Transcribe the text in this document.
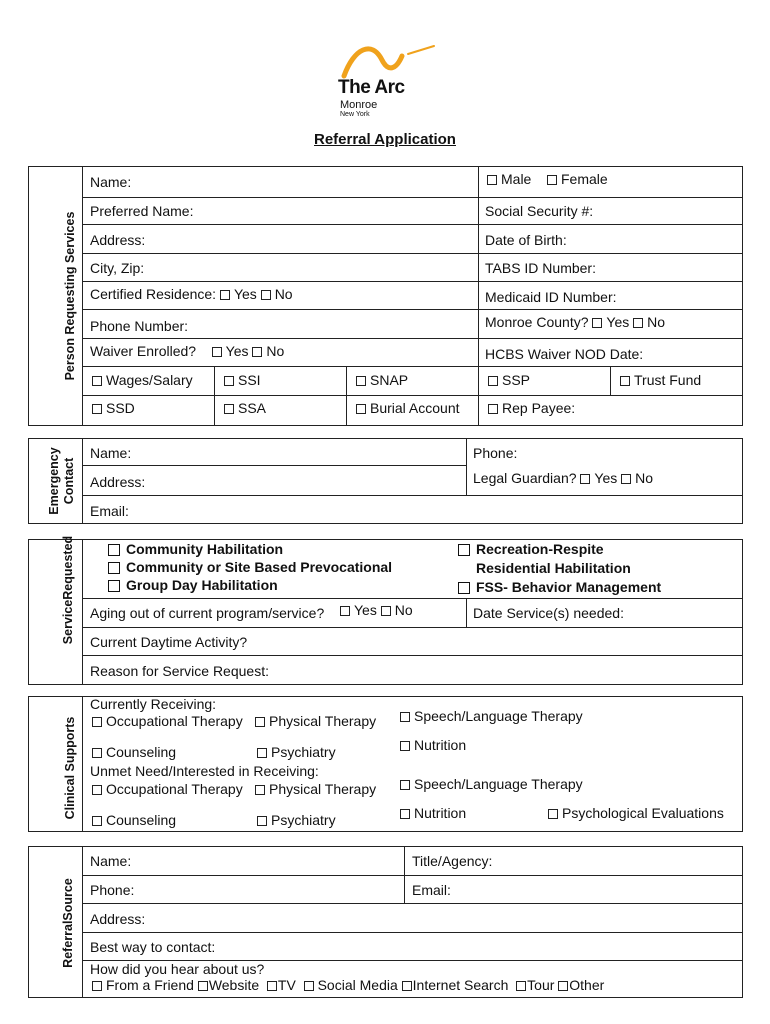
The Arc
Monroe
New York
Referral Application
Person Requesting Services
Name:	Male	Female
Preferred Name:	Social Security #:
Address:	Date of Birth:
City, Zip:	TABS ID Number:
Certified Residence: Yes No	Medicaid ID Number:
Phone Number:	Monroe County? Yes No
Waiver Enrolled? Yes No	HCBS Waiver NOD Date:
Wages/Salary	SSI	SNAP	SSP	Trust Fund
SSD	SSA	Burial Account	Rep Payee:
Emergency Contact
Name:	Phone:
Address:	Legal Guardian? Yes No
Email:
ServiceRequested	Community Habilitation
Community or Site Based Prevocational
Group Day Habilitation
Recreation-Respite
Residential Habilitation
FSS- Behavior Management
Aging out of current program/service?	Yes No	Date Service(s) needed:
Current Daytime Activity?
Reason for Service Request:
Clinical Supports
Currently Receiving:
Occupational Therapy	Physical Therapy	Speech/Language Therapy
Counseling	Psychiatry	Nutrition
Unmet Need/Interested in Receiving:
Occupational Therapy	Physical Therapy	Speech/Language Therapy
Counseling	Psychiatry	Nutrition	Psychological Evaluations
ReferralSource
Name:	Title/Agency:
Phone:	Email:
Address:
Best way to contact:
How did you hear about us?
From a Friend Website TV Social Media Internet Search Tour Other
